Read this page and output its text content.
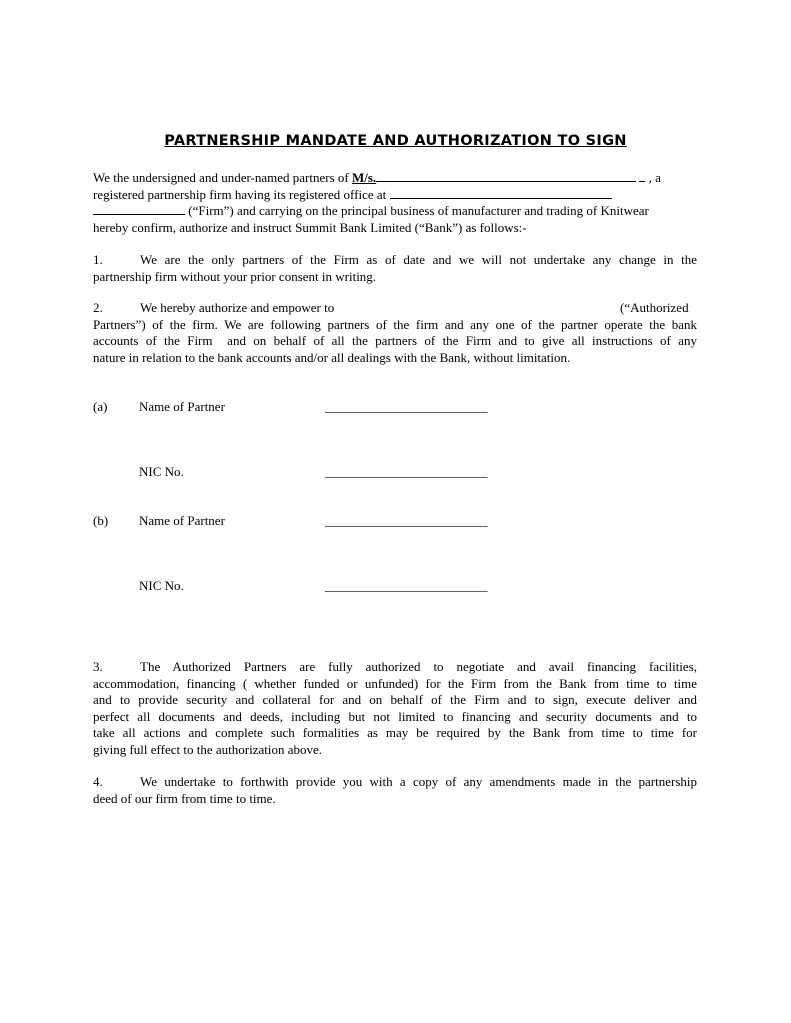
PARTNERSHIP MANDATE AND AUTHORIZATION TO SIGN
We the undersigned and under-named partners of M/s.	, a
registered partnership firm having its registered office at
(“Firm”) and carrying on the principal business of manufacturer and trading of Knitwear
hereby confirm, authorize and instruct Summit Bank Limited (“Bank”) as follows:-
1.	We are the only partners of the Firm as of date and we will not undertake any change in the
partnership firm without your prior consent in writing.
2.	We hereby authorize and empower to	(“Authorized
Partners”) of the firm. We are following partners of the firm and any one of the partner operate the bank
accounts of the Firm  and on behalf of all the partners of the Firm and to give all instructions of any
nature in relation to the bank accounts and/or all dealings with the Bank, without limitation.
(a) Name of Partner	_________________________
NIC No.	_________________________
(b) Name of Partner	_________________________
NIC No.	_________________________
3.	The Authorized Partners are fully authorized to negotiate and avail financing facilities,
accommodation, financing ( whether funded or unfunded) for the Firm from the Bank from time to time
and to provide security and collateral for and on behalf of the Firm and to sign, execute deliver and
perfect all documents and deeds, including but not limited to financing and security documents and to
take all actions and complete such formalities as may be required by the Bank from time to time for
giving full effect to the authorization above.
4.	We undertake to forthwith provide you with a copy of any amendments made in the partnership
deed of our firm from time to time.
